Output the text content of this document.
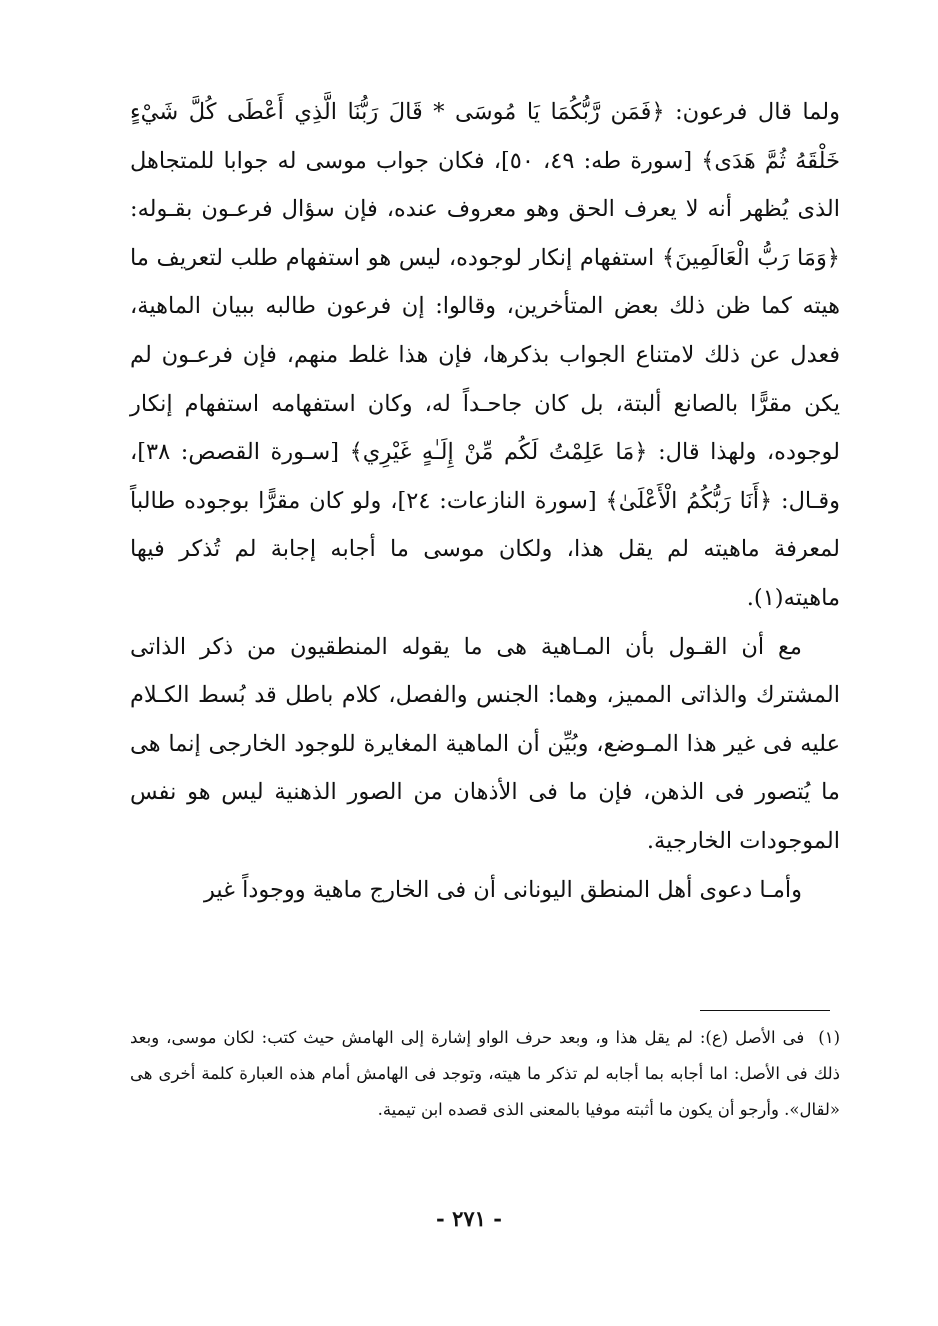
ولما قال فرعون: ﴿فَمَن رَّبُّكُمَا يَا مُوسَى * قَالَ رَبُّنَا الَّذِي أَعْطَى كُلَّ شَيْءٍ خَلْقَهُ ثُمَّ هَدَى﴾ [سورة طه: ٤٩، ٥٠]، فكان جواب موسى له جوابا للمتجاهل الذى يُظهر أنه لا يعرف الحق وهو معروف عنده، فإن سؤال فرعـون بقـوله: ﴿وَمَا رَبُّ الْعَالَمِينَ﴾ استفهام إنكار لوجوده، ليس هو استفهام طلب لتعريف ما هيته كما ظن ذلك بعض المتأخرين، وقالوا: إن فرعون طالبه ببيان الماهية، فعدل عن ذلك لامتناع الجواب بذكرها، فإن هذا غلط منهم، فإن فرعـون لم يكن مقرًّا بالصانع ألبتة، بل كان جاحـداً له، وكان استفهامه استفهام إنكار لوجوده، ولهذا قال: ﴿مَا عَلِمْتُ لَكُم مِّنْ إِلَـٰهٍ غَيْرِي﴾ [سـورة القصص: ٣٨]، وقـال: ﴿أَنَا رَبُّكُمُ الْأَعْلَىٰ﴾ [سورة النازعات: ٢٤]، ولو كان مقرًّا بوجوده طالباً لمعرفة ماهيته لم يقل هذا، ولكان موسى ما أجابه إجابة لم تُذكر فيها ماهيته(١).

مع أن القـول بأن المـاهية هى ما يقوله المنطقيون من ذكر الذاتى المشترك والذاتى المميز، وهما: الجنس والفصل، كلام باطل قد بُسط الكـلام عليه فى غير هذا المـوضع، وبُيِّن أن الماهية المغايرة للوجود الخارجى إنما هى ما يُتصور فى الذهن، فإن ما فى الأذهان من الصور الذهنية ليس هو نفس الموجودات الخارجية.

وأمـا دعوى أهل المنطق اليونانى أن فى الخارج ماهية ووجوداً غير

(١)فى الأصل (ع): لم يقل هذا و، وبعد حرف الواو إشارة إلى الهامش حيث كتب: لكان موسى، وبعد ذلك فى الأصل: اما أجابه بما أجابه لم تذكر ما هيته، وتوجد فى الهامش أمام هذه العبارة كلمة أخرى هى «لقال». وأرجو أن يكون ما أثبته موفيا بالمعنى الذى قصده ابن تيمية.

- ٢٧١ -
